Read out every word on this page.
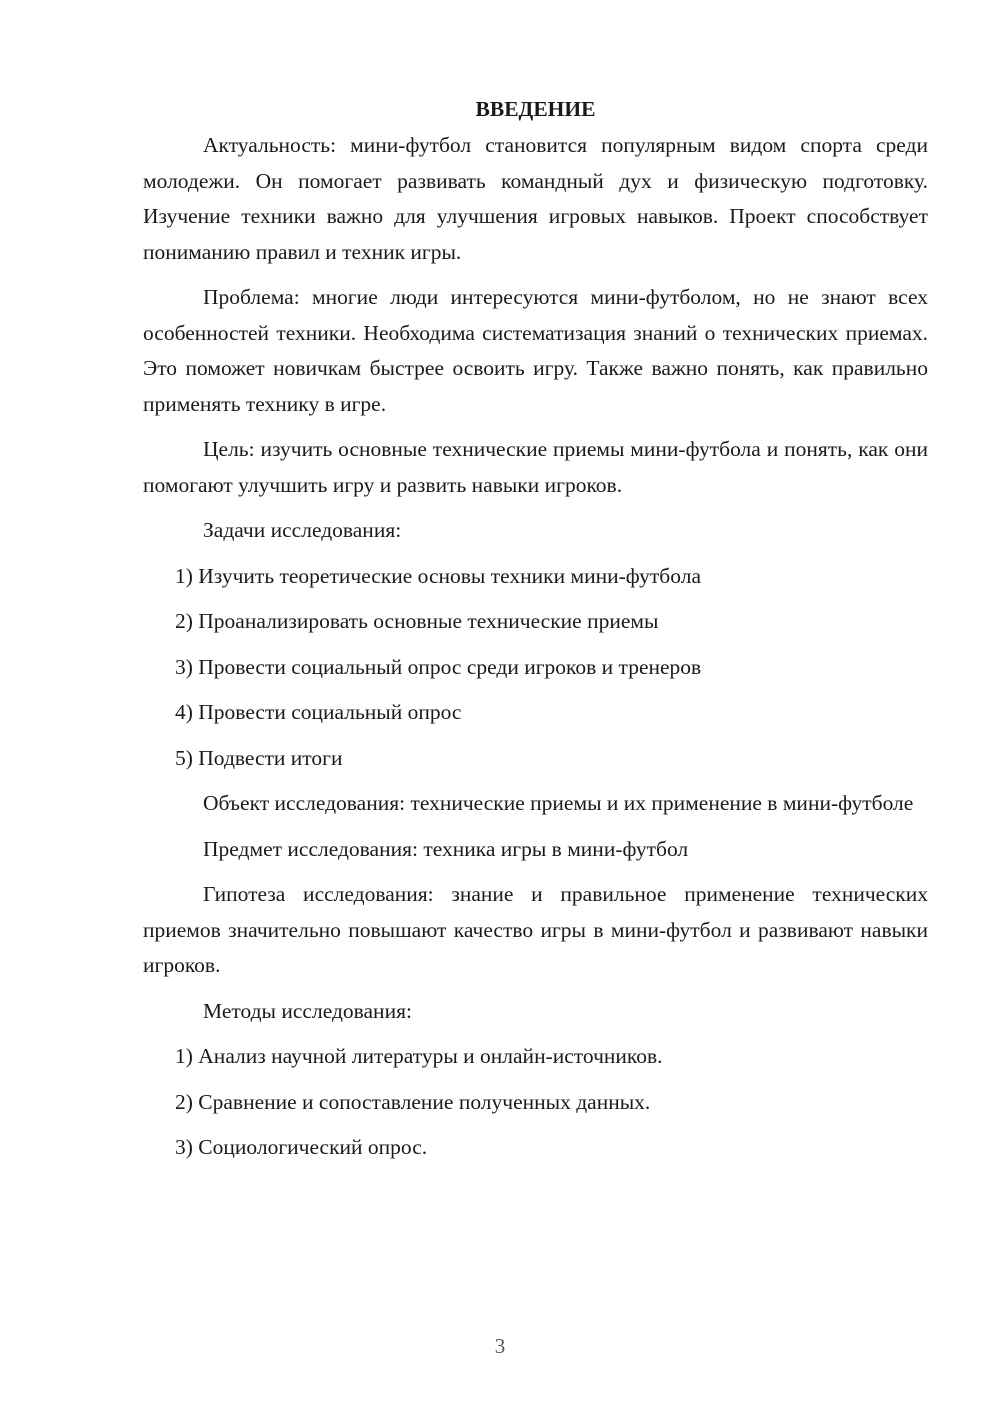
ВВЕДЕНИЕ

Актуальность: мини-футбол становится популярным видом спорта среди молодежи. Он помогает развивать командный дух и физическую подготовку. Изучение техники важно для улучшения игровых навыков. Проект способствует пониманию правил и техник игры.

Проблема: многие люди интересуются мини-футболом, но не знают всех особенностей техники. Необходима систематизация знаний о технических приемах. Это поможет новичкам быстрее освоить игру. Также важно понять, как правильно применять технику в игре.

Цель: изучить основные технические приемы мини-футбола и понять, как они помогают улучшить игру и развить навыки игроков.

Задачи исследования:

1) Изучить теоретические основы техники мини-футбола
2) Проанализировать основные технические приемы
3) Провести социальный опрос среди игроков и тренеров
4) Провести социальный опрос
5) Подвести итоги

Объект исследования: технические приемы и их применение в мини-футболе

Предмет исследования: техника игры в мини-футбол

Гипотеза исследования: знание и правильное применение технических приемов значительно повышают качество игры в мини-футбол и развивают навыки игроков.

Методы исследования:

1) Анализ научной литературы и онлайн-источников.
2) Сравнение и сопоставление полученных данных.
3) Социологический опрос.
3
